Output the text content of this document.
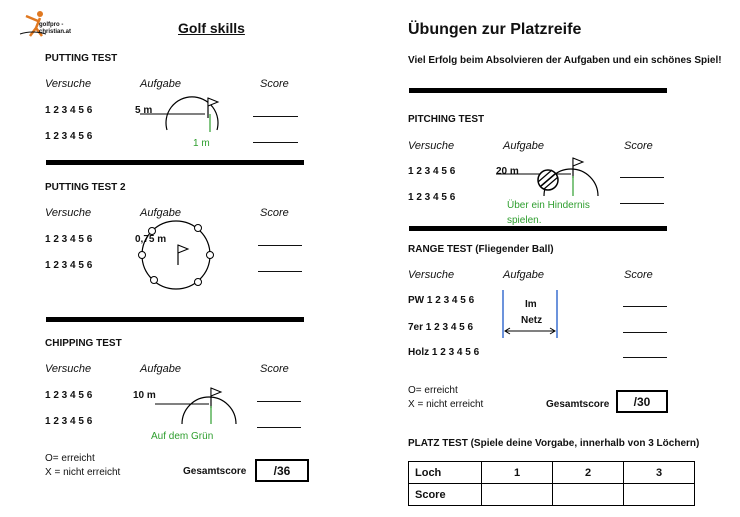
golfpro -
christian.at	Golf skills
PUTTING TEST
Versuche	Aufgabe	Score
1 2 3 4 5 6
1 2 3 4 5 6
5 m
1 m
PUTTING TEST 2
Versuche	Aufgabe	Score
1 2 3 4 5 6
1 2 3 4 5 6
0,75 m
CHIPPING TEST
Versuche	Aufgabe	Score
1 2 3 4 5 6
1 2 3 4 5 6
10 m
Auf dem Grün
O= erreicht
X = nicht erreicht	Gesamtscore	/36
Übungen zur Platzreife
Viel Erfolg beim Absolvieren der Aufgaben und ein schönes Spiel!
PITCHING TEST
Versuche	Aufgabe	Score
1 2 3 4 5 6
1 2 3 4 5 6
20 m
Über ein Hindernis
spielen.
RANGE TEST (Fliegender Ball)
Versuche	Aufgabe	Score
PW 1 2 3 4 5 6
7er 1 2 3 4 5 6
Holz 1 2 3 4 5 6
Im
Netz
O= erreicht
X = nicht erreicht	Gesamtscore	/30
PLATZ TEST (Spiele deine Vorgabe, innerhalb von 3 Löchern)
Loch	1	2	3
Score			
